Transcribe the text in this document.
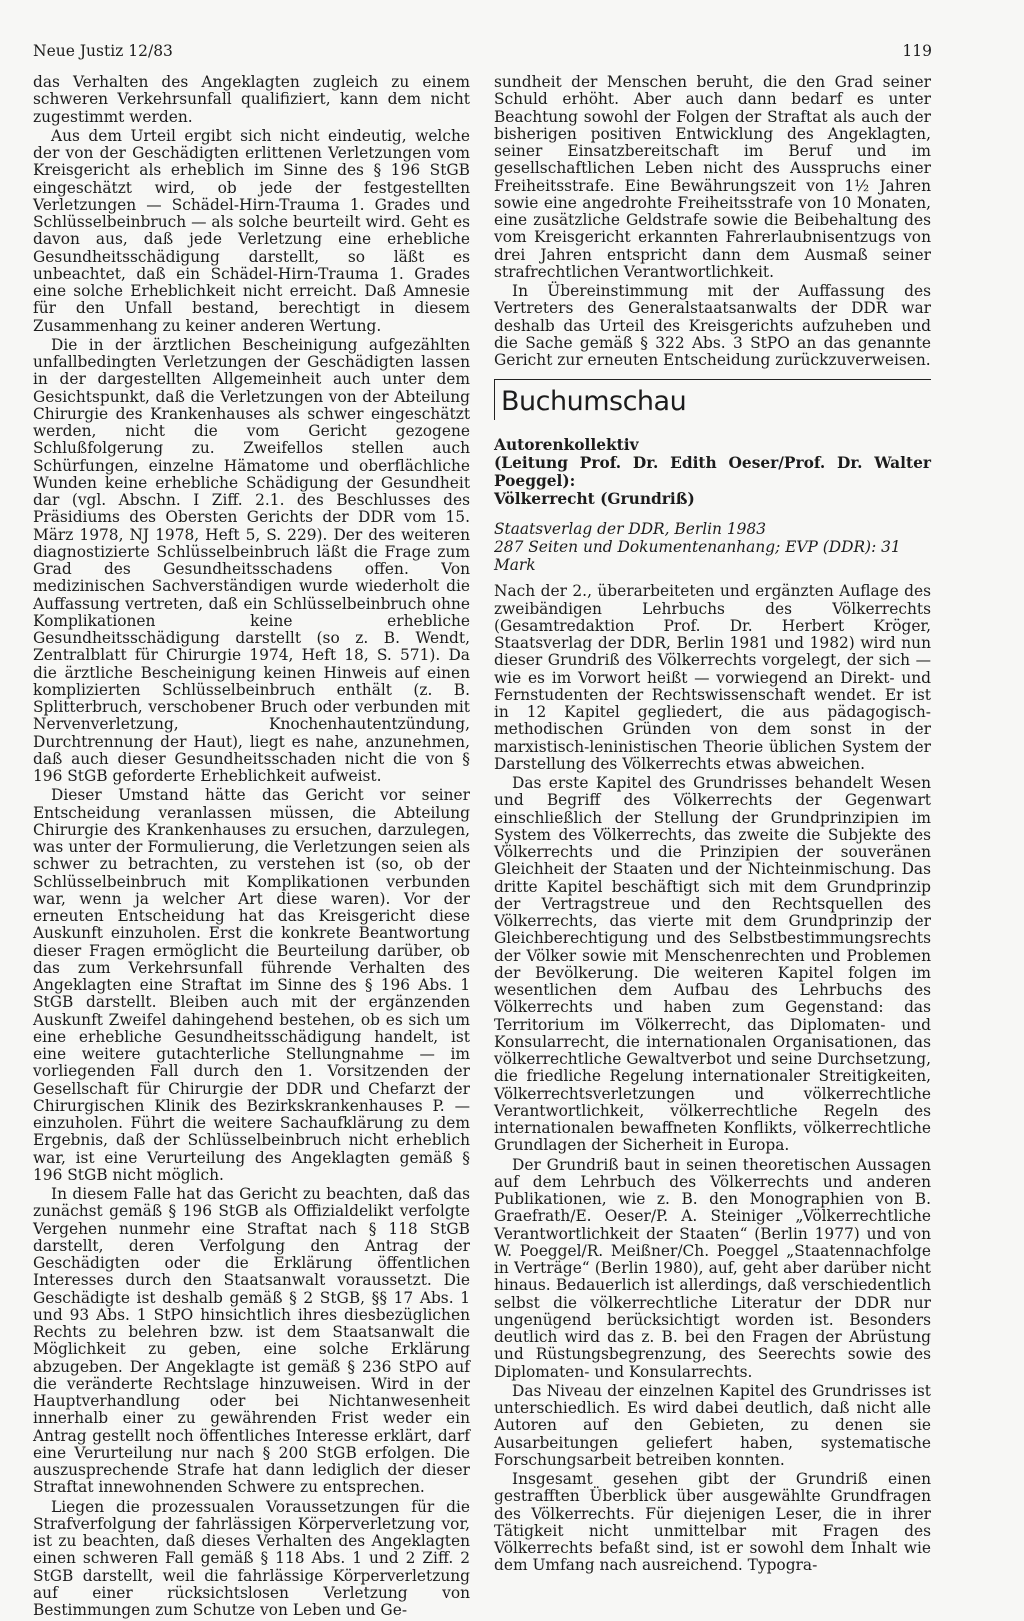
Neue Justiz 12/83	119

das Verhalten des Angeklagten zugleich zu einem schweren Verkehrsunfall qualifiziert, kann dem nicht zugestimmt werden.

Aus dem Urteil ergibt sich nicht eindeutig, welche der von der Geschädigten erlittenen Verletzungen vom Kreisgericht als erheblich im Sinne des § 196 StGB eingeschätzt wird, ob jede der festgestellten Verletzungen — Schädel-Hirn-Trauma 1. Grades und Schlüsselbeinbruch — als solche beurteilt wird. Geht es davon aus, daß jede Verletzung eine erhebliche Gesundheitsschädigung darstellt, so läßt es unbeachtet, daß ein Schädel-Hirn-Trauma 1. Grades eine solche Erheblichkeit nicht erreicht. Daß Amnesie für den Unfall bestand, berechtigt in diesem Zusammenhang zu keiner anderen Wertung.

Die in der ärztlichen Bescheinigung aufgezählten unfallbedingten Verletzungen der Geschädigten lassen in der dargestellten Allgemeinheit auch unter dem Gesichtspunkt, daß die Verletzungen von der Abteilung Chirurgie des Krankenhauses als schwer eingeschätzt werden, nicht die vom Gericht gezogene Schlußfolgerung zu. Zweifellos stellen auch Schürfungen, einzelne Hämatome und oberflächliche Wunden keine erhebliche Schädigung der Gesundheit dar (vgl. Abschn. I Ziff. 2.1. des Beschlusses des Präsidiums des Obersten Gerichts der DDR vom 15. März 1978, NJ 1978, Heft 5, S. 229). Der des weiteren diagnostizierte Schlüsselbeinbruch läßt die Frage zum Grad des Gesundheitsschadens offen. Von medizinischen Sachverständigen wurde wiederholt die Auffassung vertreten, daß ein Schlüsselbeinbruch ohne Komplikationen keine erhebliche Gesundheitsschädigung darstellt (so z. B. Wendt, Zentralblatt für Chirurgie 1974, Heft 18, S. 571). Da die ärztliche Bescheinigung keinen Hinweis auf einen komplizierten Schlüsselbeinbruch enthält (z. B. Splitterbruch, verschobener Bruch oder verbunden mit Nervenverletzung, Knochenhautentzündung, Durchtrennung der Haut), liegt es nahe, anzunehmen, daß auch dieser Gesundheitsschaden nicht die von § 196 StGB geforderte Erheblichkeit aufweist.

Dieser Umstand hätte das Gericht vor seiner Entscheidung veranlassen müssen, die Abteilung Chirurgie des Krankenhauses zu ersuchen, darzulegen, was unter der Formulierung, die Verletzungen seien als schwer zu betrachten, zu verstehen ist (so, ob der Schlüsselbeinbruch mit Komplikationen verbunden war, wenn ja welcher Art diese waren). Vor der erneuten Entscheidung hat das Kreisgericht diese Auskunft einzuholen. Erst die konkrete Beantwortung dieser Fragen ermöglicht die Beurteilung darüber, ob das zum Verkehrsunfall führende Verhalten des Angeklagten eine Straftat im Sinne des § 196 Abs. 1 StGB darstellt. Bleiben auch mit der ergänzenden Auskunft Zweifel dahingehend bestehen, ob es sich um eine erhebliche Gesundheitsschädigung handelt, ist eine weitere gutachterliche Stellungnahme — im vorliegenden Fall durch den 1. Vorsitzenden der Gesellschaft für Chirurgie der DDR und Chefarzt der Chirurgischen Klinik des Bezirkskrankenhauses P. — einzuholen. Führt die weitere Sachaufklärung zu dem Ergebnis, daß der Schlüsselbeinbruch nicht erheblich war, ist eine Verurteilung des Angeklagten gemäß § 196 StGB nicht möglich.

In diesem Falle hat das Gericht zu beachten, daß das zunächst gemäß § 196 StGB als Offizialdelikt verfolgte Vergehen nunmehr eine Straftat nach § 118 StGB darstellt, deren Verfolgung den Antrag der Geschädigten oder die Erklärung öffentlichen Interesses durch den Staatsanwalt voraussetzt. Die Geschädigte ist deshalb gemäß § 2 StGB, §§ 17 Abs. 1 und 93 Abs. 1 StPO hinsichtlich ihres diesbezüglichen Rechts zu belehren bzw. ist dem Staatsanwalt die Möglichkeit zu geben, eine solche Erklärung abzugeben. Der Angeklagte ist gemäß § 236 StPO auf die veränderte Rechtslage hinzuweisen. Wird in der Hauptverhandlung oder bei Nichtanwesenheit innerhalb einer zu gewährenden Frist weder ein Antrag gestellt noch öffentliches Interesse erklärt, darf eine Verurteilung nur nach § 200 StGB erfolgen. Die auszusprechende Strafe hat dann lediglich der dieser Straftat innewohnenden Schwere zu entsprechen.

Liegen die prozessualen Voraussetzungen für die Strafverfolgung der fahrlässigen Körperverletzung vor, ist zu beachten, daß dieses Verhalten des Angeklagten einen schweren Fall gemäß § 118 Abs. 1 und 2 Ziff. 2 StGB darstellt, weil die fahrlässige Körperverletzung auf einer rücksichtslosen Verletzung von Bestimmungen zum Schutze von Leben und Ge-

sundheit der Menschen beruht, die den Grad seiner Schuld erhöht. Aber auch dann bedarf es unter Beachtung sowohl der Folgen der Straftat als auch der bisherigen positiven Entwicklung des Angeklagten, seiner Einsatzbereitschaft im Beruf und im gesellschaftlichen Leben nicht des Ausspruchs einer Freiheitsstrafe. Eine Bewährungszeit von 1½ Jahren sowie eine angedrohte Freiheitsstrafe von 10 Monaten, eine zusätzliche Geldstrafe sowie die Beibehaltung des vom Kreisgericht erkannten Fahrerlaubnisentzugs von drei Jahren entspricht dann dem Ausmaß seiner strafrechtlichen Verantwortlichkeit.

In Übereinstimmung mit der Auffassung des Vertreters des Generalstaatsanwalts der DDR war deshalb das Urteil des Kreisgerichts aufzuheben und die Sache gemäß § 322 Abs. 3 StPO an das genannte Gericht zur erneuten Entscheidung zurückzuverweisen.

Buchumschau
Autorenkollektiv
(Leitung Prof. Dr. Edith Oeser/Prof. Dr. Walter Poeggel):
Völkerrecht (Grundriß)
Staatsverlag der DDR, Berlin 1983
287 Seiten und Dokumentenanhang; EVP (DDR): 31 Mark

Nach der 2., überarbeiteten und ergänzten Auflage des zweibändigen Lehrbuchs des Völkerrechts (Gesamtredaktion Prof. Dr. Herbert Kröger, Staatsverlag der DDR, Berlin 1981 und 1982) wird nun dieser Grundriß des Völkerrechts vorgelegt, der sich — wie es im Vorwort heißt — vorwiegend an Direkt- und Fernstudenten der Rechtswissenschaft wendet. Er ist in 12 Kapitel gegliedert, die aus pädagogisch-methodischen Gründen von dem sonst in der marxistisch-leninistischen Theorie üblichen System der Darstellung des Völkerrechts etwas abweichen.

Das erste Kapitel des Grundrisses behandelt Wesen und Begriff des Völkerrechts der Gegenwart einschließlich der Stellung der Grundprinzipien im System des Völkerrechts, das zweite die Subjekte des Völkerrechts und die Prinzipien der souveränen Gleichheit der Staaten und der Nichteinmischung. Das dritte Kapitel beschäftigt sich mit dem Grundprinzip der Vertragstreue und den Rechtsquellen des Völkerrechts, das vierte mit dem Grundprinzip der Gleichberechtigung und des Selbstbestimmungsrechts der Völker sowie mit Menschenrechten und Problemen der Bevölkerung. Die weiteren Kapitel folgen im wesentlichen dem Aufbau des Lehrbuchs des Völkerrechts und haben zum Gegenstand: das Territorium im Völkerrecht, das Diplomaten- und Konsularrecht, die internationalen Organisationen, das völkerrechtliche Gewaltverbot und seine Durchsetzung, die friedliche Regelung internationaler Streitigkeiten, Völkerrechtsverletzungen und völkerrechtliche Verantwortlichkeit, völkerrechtliche Regeln des internationalen bewaffneten Konflikts, völkerrechtliche Grundlagen der Sicherheit in Europa.

Der Grundriß baut in seinen theoretischen Aussagen auf dem Lehrbuch des Völkerrechts und anderen Publikationen, wie z. B. den Monographien von B. Graefrath/E. Oeser/P. A. Steiniger „Völkerrechtliche Verantwortlichkeit der Staaten“ (Berlin 1977) und von W. Poeggel/R. Meißner/Ch. Poeggel „Staatennachfolge in Verträge“ (Berlin 1980), auf, geht aber darüber nicht hinaus. Bedauerlich ist allerdings, daß verschiedentlich selbst die völkerrechtliche Literatur der DDR nur ungenügend berücksichtigt worden ist. Besonders deutlich wird das z. B. bei den Fragen der Abrüstung und Rüstungsbegrenzung, des Seerechts sowie des Diplomaten- und Konsularrechts.

Das Niveau der einzelnen Kapitel des Grundrisses ist unterschiedlich. Es wird dabei deutlich, daß nicht alle Autoren auf den Gebieten, zu denen sie Ausarbeitungen geliefert haben, systematische Forschungsarbeit betreiben konnten.

Insgesamt gesehen gibt der Grundriß einen gestrafften Überblick über ausgewählte Grundfragen des Völkerrechts. Für diejenigen Leser, die in ihrer Tätigkeit nicht unmittelbar mit Fragen des Völkerrechts befaßt sind, ist er sowohl dem Inhalt wie dem Umfang nach ausreichend. Typogra-
